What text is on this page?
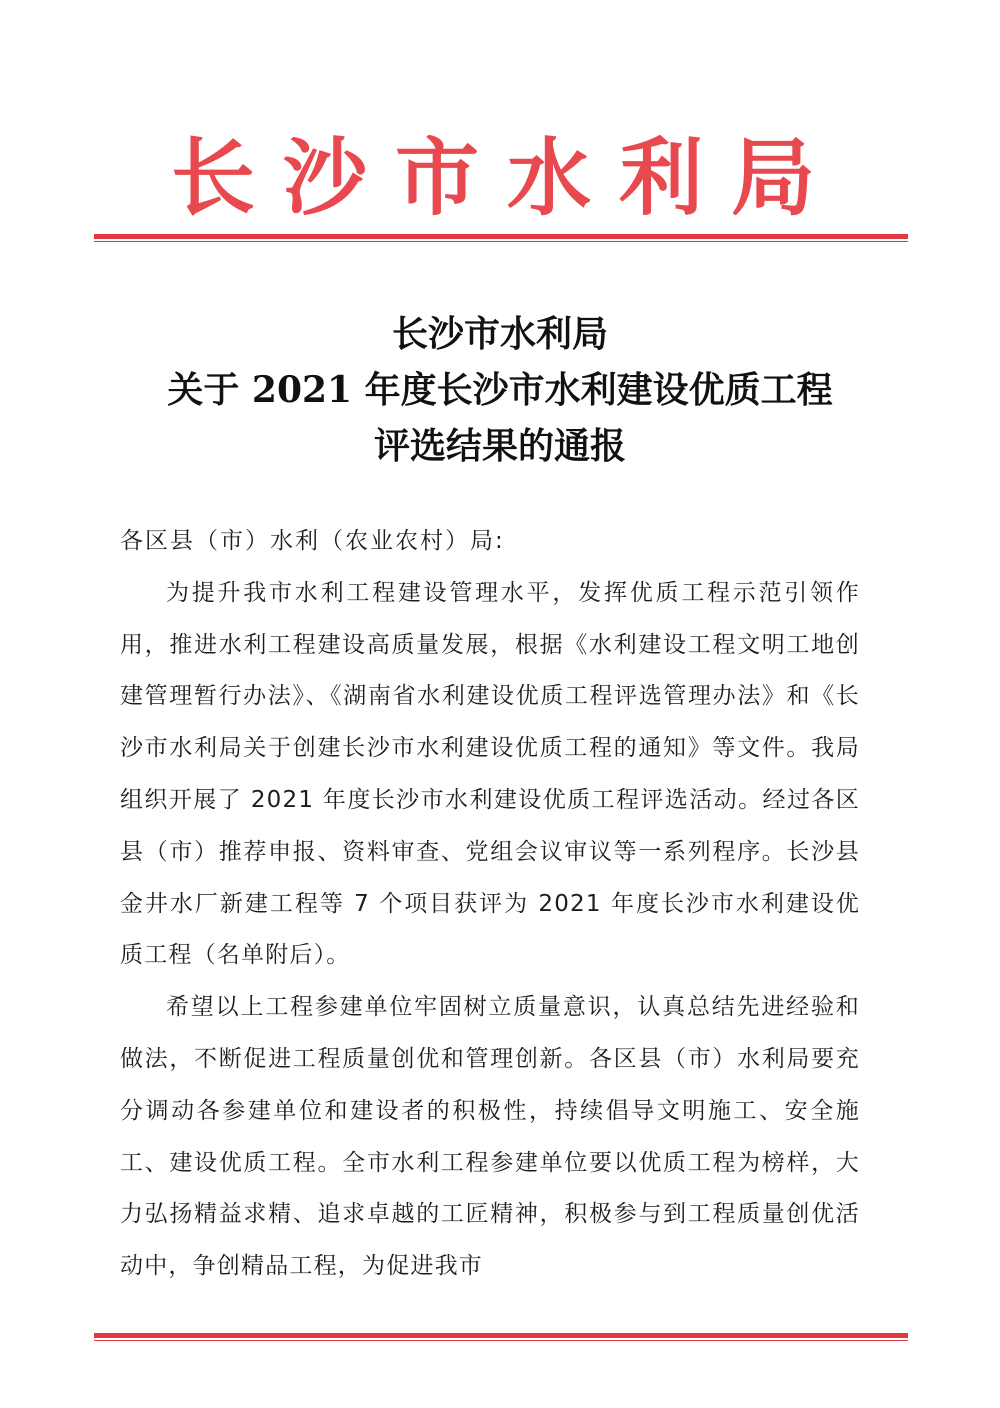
长沙市水利局
长沙市水利局
关于 2021 年度长沙市水利建设优质工程
评选结果的通报

各区县（市）水利（农业农村）局:

为提升我市水利工程建设管理水平，发挥优质工程示范引领作用，推进水利工程建设高质量发展，根据《水利建设工程文明工地创建管理暂行办法》、《湖南省水利建设优质工程评选管理办法》和《长沙市水利局关于创建长沙市水利建设优质工程的通知》等文件。我局组织开展了 2021 年度长沙市水利建设优质工程评选活动。经过各区县（市）推荐申报、资料审查、党组会议审议等一系列程序。长沙县金井水厂新建工程等 7 个项目获评为 2021 年度长沙市水利建设优质工程（名单附后）。

希望以上工程参建单位牢固树立质量意识，认真总结先进经验和做法，不断促进工程质量创优和管理创新。各区县（市）水利局要充分调动各参建单位和建设者的积极性，持续倡导文明施工、安全施工、建设优质工程。全市水利工程参建单位要以优质工程为榜样，大力弘扬精益求精、追求卓越的工匠精神，积极参与到工程质量创优活动中，争创精品工程，为促进我市
